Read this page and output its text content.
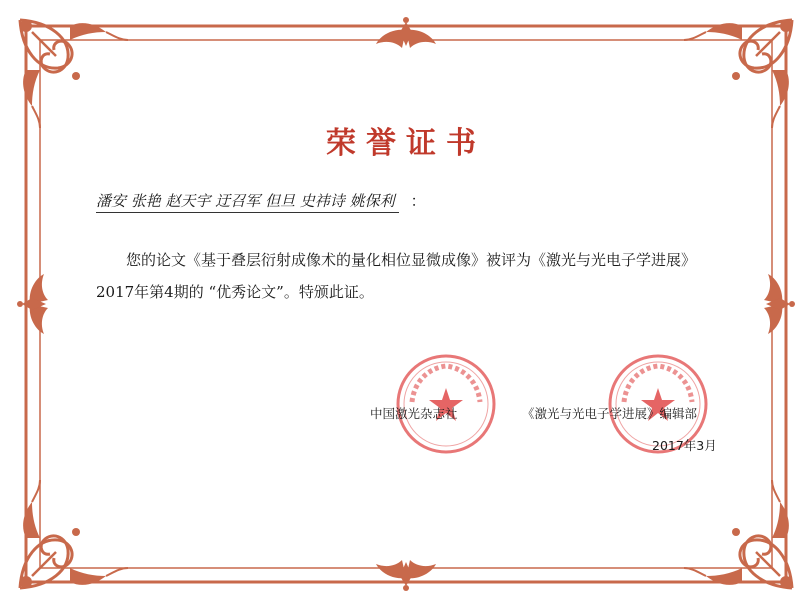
荣誉证书
潘安 张艳 赵天宇 迂召军 但旦 史祎诗 姚保利 ：

您的论文《基于叠层衍射成像术的量化相位显微成像》被评为《激光与光电子学进展》2017年第4期的 “优秀论文”。特颁此证。

中国激光杂志社	《激光与光电子学进展》编辑部
2017年3月
